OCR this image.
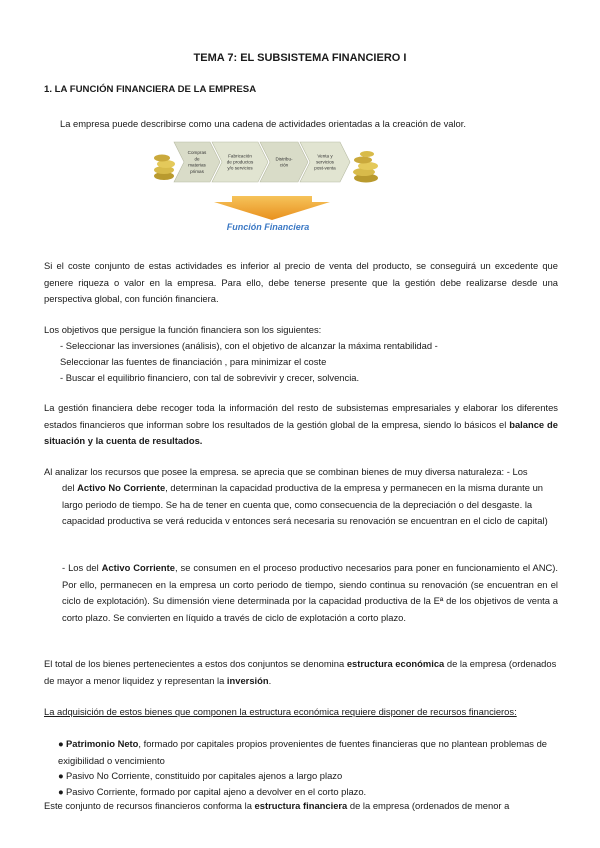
TEMA 7: EL SUBSISTEMA FINANCIERO I
1. LA FUNCIÓN FINANCIERA DE LA EMPRESA
La empresa puede describirse como una cadena de actividades orientadas a la creación de valor.
Compras
de
materias
primas
Fabricación
de productos
y/o servicios
Distribu-
ción
Venta y
servicios
post-venta
Función Financiera
Si el coste conjunto de estas actividades es inferior al precio de venta del producto, se conseguirá un excedente que genere riqueza o valor en la empresa. Para ello, debe tenerse presente que la gestión debe realizarse desde una perspectiva global, con función financiera.
Los objetivos que persigue la función financiera son los siguientes:
- Seleccionar las inversiones (análisis), con el objetivo de alcanzar la máxima rentabilidad -
Seleccionar las fuentes de financiación , para minimizar el coste
- Buscar el equilibrio financiero, con tal de sobrevivir y crecer, solvencia.
La gestión financiera debe recoger toda la información del resto de subsistemas empresariales y elaborar los diferentes estados financieros que informan sobre los resultados de la gestión global de la empresa, siendo lo básicos el balance de situación y la cuenta de resultados.
Al analizar los recursos que posee la empresa. se aprecia que se combinan bienes de muy diversa naturaleza: - Los
del Activo No Corriente, determinan la capacidad productiva de la empresa y permanecen en la misma durante un largo periodo de tiempo. Se ha de tener en cuenta que, como consecuencia de la depreciación o del desgaste. la capacidad productiva se verá reducida v entonces será necesaria su renovación se encuentran en el ciclo de capital)
- Los del Activo Corriente, se consumen en el proceso productivo necesarios para poner en funcionamiento el ANC). Por ello, permanecen en la empresa un corto periodo de tiempo, siendo continua su renovación (se encuentran en el ciclo de explotación). Su dimensión viene determinada por la capacidad productiva de la Eª de los objetivos de venta a corto plazo. Se convierten en líquido a través de ciclo de explotación a corto plazo.
El total de los bienes pertenecientes a estos dos conjuntos se denomina estructura económica de la empresa (ordenados de mayor a menor liquidez y representan la inversión.
La adquisición de estos bienes que componen la estructura económica requiere disponer de recursos financieros:
● Patrimonio Neto, formado por capitales propios provenientes de fuentes financieras que no plantean problemas de exigibilidad o vencimiento
● Pasivo No Corriente, constituido por capitales ajenos a largo plazo
● Pasivo Corriente, formado por capital ajeno a devolver en el corto plazo.
Este conjunto de recursos financieros conforma la estructura financiera de la empresa (ordenados de menor a
